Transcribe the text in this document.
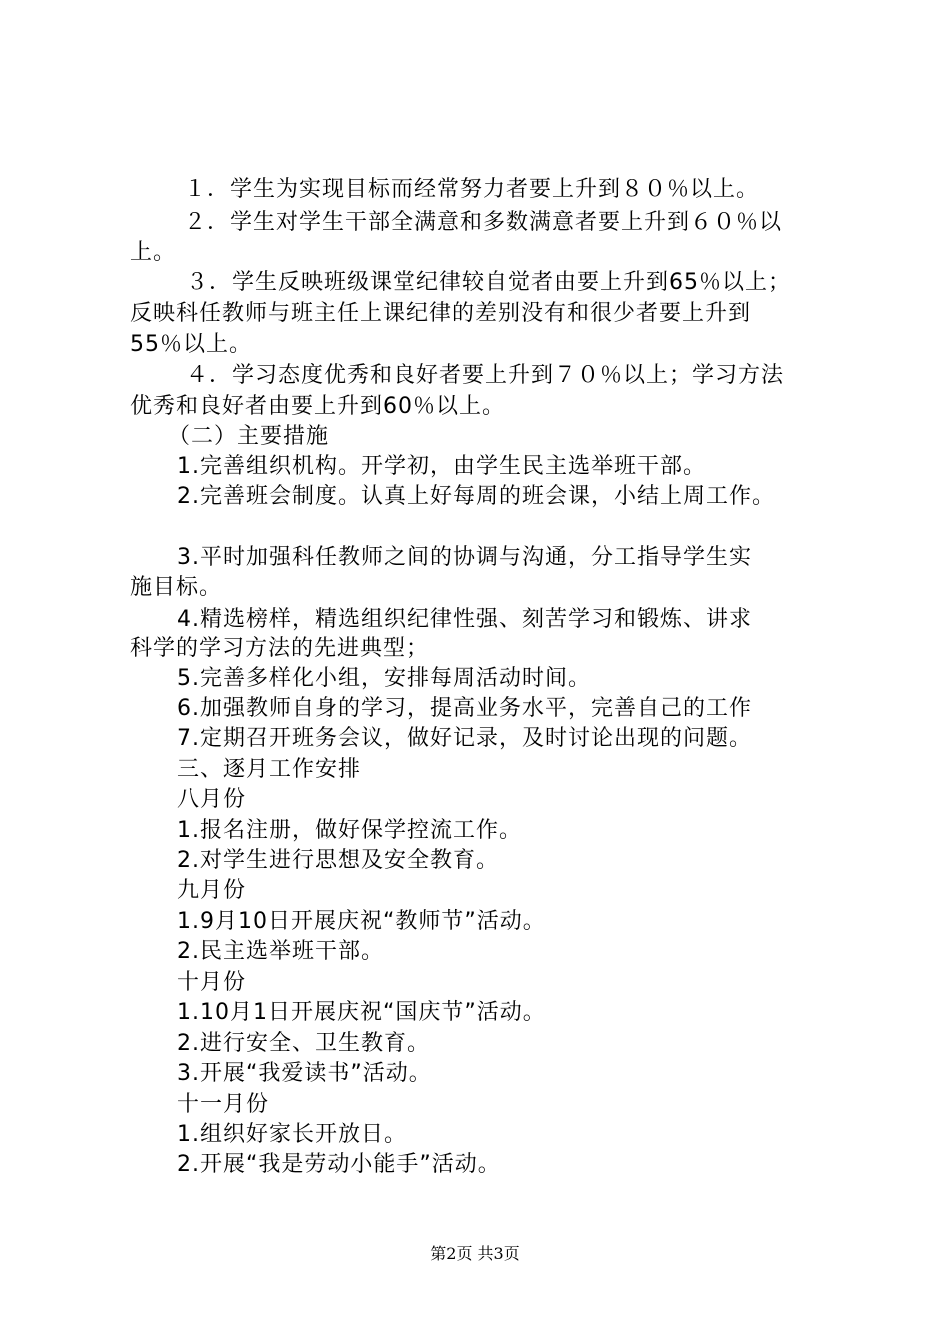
１．学生为实现目标而经常努力者要上升到８０％以上。
２．学生对学生干部全满意和多数满意者要上升到６０％以
上。
３．学生反映班级课堂纪律较自觉者由要上升到65％以上；
反映科任教师与班主任上课纪律的差别没有和很少者要上升到
55％以上。
４．学习态度优秀和良好者要上升到７０％以上；学习方法
优秀和良好者由要上升到60％以上。
（二）主要措施
1.完善组织机构。开学初，由学生民主选举班干部。
2.完善班会制度。认真上好每周的班会课，小结上周工作。
3.平时加强科任教师之间的协调与沟通，分工指导学生实
施目标。
4.精选榜样，精选组织纪律性强、刻苦学习和锻炼、讲求
科学的学习方法的先进典型；
5.完善多样化小组，安排每周活动时间。
6.加强教师自身的学习，提高业务水平，完善自己的工作
7.定期召开班务会议，做好记录，及时讨论出现的问题。
三、逐月工作安排
八月份
1.报名注册，做好保学控流工作。
2.对学生进行思想及安全教育。
九月份
1.9月10日开展庆祝“教师节”活动。
2.民主选举班干部。
十月份
1.10月1日开展庆祝“国庆节”活动。
2.进行安全、卫生教育。
3.开展“我爱读书”活动。
十一月份
1.组织好家长开放日。
2.开展“我是劳动小能手”活动。
第2页 共3页
